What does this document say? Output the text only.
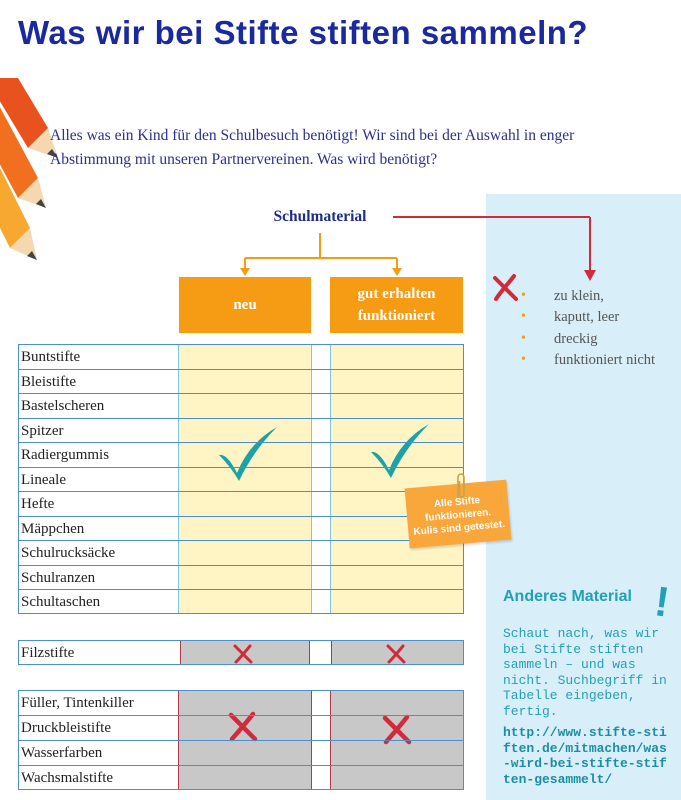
Was wir bei Stifte stiften sammeln?
Alles was ein Kind für den Schulbesuch benötigt! Wir sind bei der Auswahl in enger Abstimmung mit unseren Partnervereinen. Was wird benötigt?
Schulmaterial
neu
gut erhalten
funktioniert
• zu klein,
• kaputt, leer
• dreckig
• funktioniert nicht
Buntstifte
Bleistifte
Bastelscheren
Spitzer
Radiergummis
Lineale
Hefte
Mäppchen
Schulrucksäcke
Schulranzen
Schultaschen
Filzstifte
Füller, Tintenkiller
Druckbleistifte
Wasserfarben
Wachsmalstifte
Alle Stifte
funktionieren.
Kulis sind getestet.
Anderes Material !
Schaut nach, was wir bei Stifte stiften sammeln – und was nicht. Suchbegriff in Tabelle eingeben, fertig.
http://www.stifte-stiften.de/mitmachen/was-wird-bei-stifte-stiften-gesammelt/
